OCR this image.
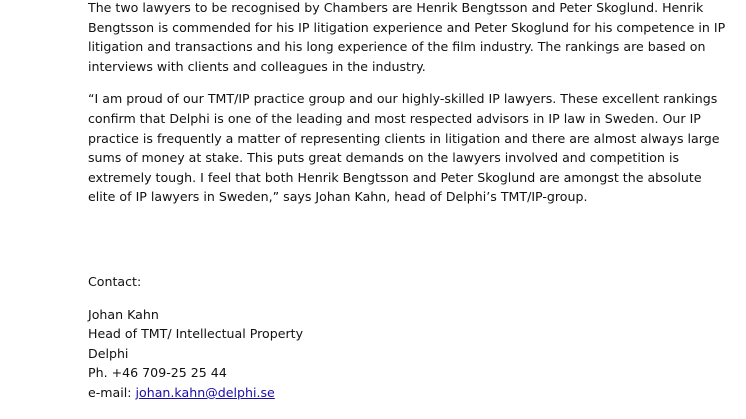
The two lawyers to be recognised by Chambers are Henrik Bengtsson and Peter Skoglund. Henrik
Bengtsson is commended for his IP litigation experience and Peter Skoglund for his competence in IP
litigation and transactions and his long experience of the film industry. The rankings are based on
interviews with clients and colleagues in the industry.

“I am proud of our TMT/IP practice group and our highly-skilled IP lawyers. These excellent rankings
confirm that Delphi is one of the leading and most respected advisors in IP law in Sweden. Our IP
practice is frequently a matter of representing clients in litigation and there are almost always large
sums of money at stake. This puts great demands on the lawyers involved and competition is
extremely tough. I feel that both Henrik Bengtsson and Peter Skoglund are amongst the absolute
elite of IP lawyers in Sweden,” says Johan Kahn, head of Delphi’s TMT/IP-group.

Contact:

Johan Kahn
Head of TMT/ Intellectual Property
Delphi
Ph. +46 709-25 25 44
e-mail: johan.kahn@delphi.se
